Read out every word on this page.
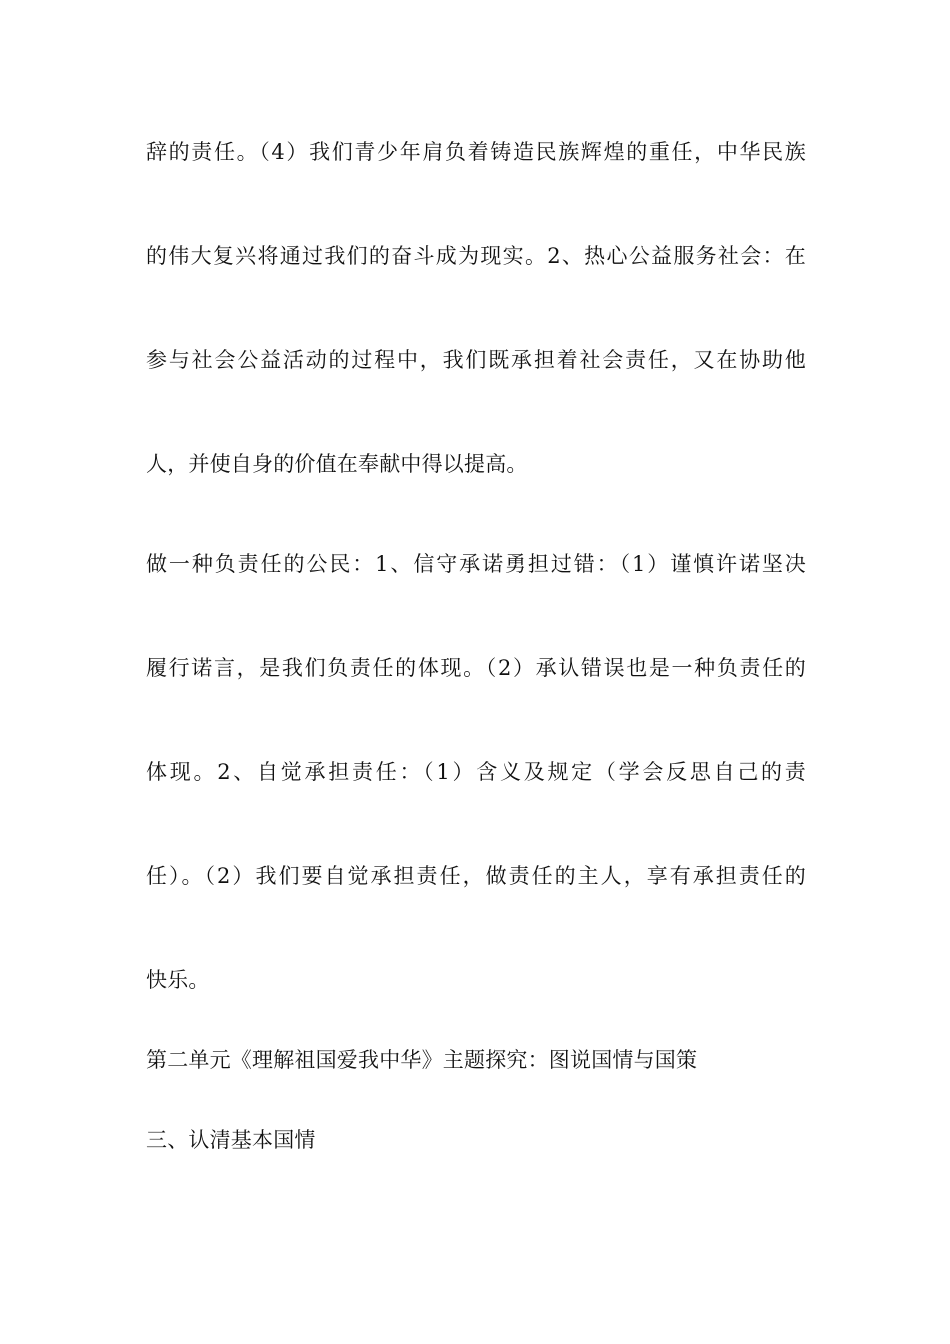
辞的责任。（4）我们青少年肩负着铸造民族辉煌的重任，中华民族
的伟大复兴将通过我们的奋斗成为现实。2、热心公益服务社会：在
参与社会公益活动的过程中，我们既承担着社会责任，又在协助他
人，并使自身的价值在奉献中得以提高。
做一种负责任的公民：1、信守承诺勇担过错：（1）谨慎许诺坚决
履行诺言，是我们负责任的体现。（2）承认错误也是一种负责任的
体现。2、自觉承担责任：（1）含义及规定（学会反思自己的责
任）。（2）我们要自觉承担责任，做责任的主人，享有承担责任的
快乐。
第二单元《理解祖国爱我中华》主题探究：图说国情与国策
三、认清基本国情
